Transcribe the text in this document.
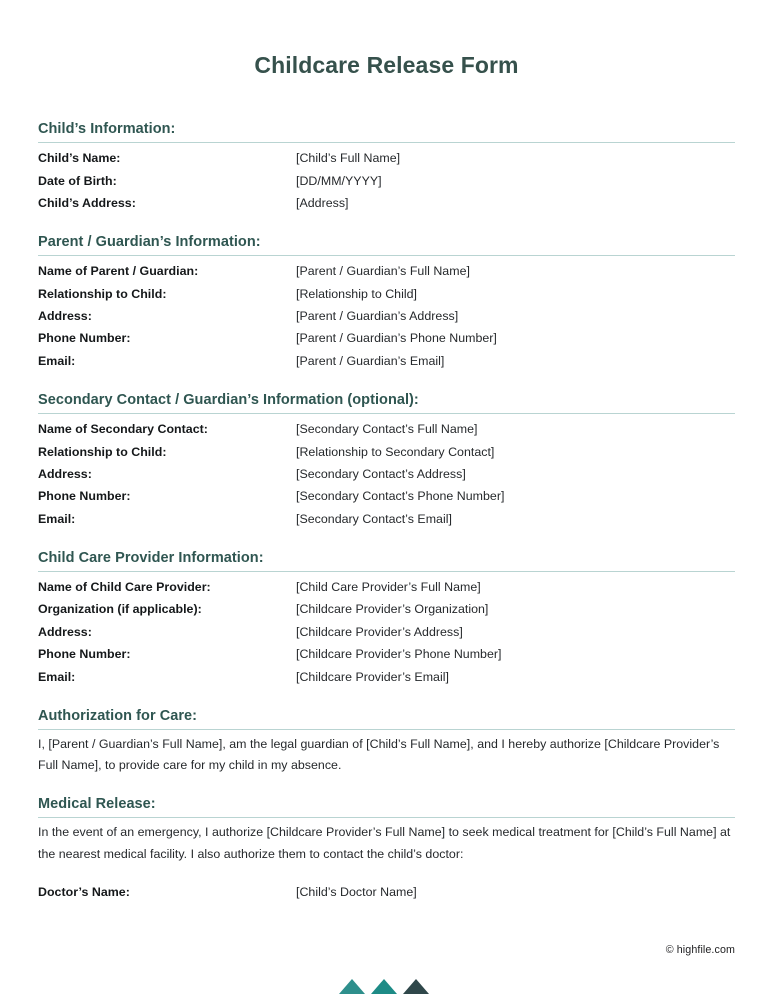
Childcare Release Form
Child’s Information:
Child’s Name:	[Child’s Full Name]
Date of Birth:	[DD/MM/YYYY]
Child’s Address:	[Address]
Parent / Guardian’s Information:
Name of Parent / Guardian:	[Parent / Guardian’s Full Name]
Relationship to Child:	[Relationship to Child]
Address:	[Parent / Guardian’s Address]
Phone Number:	[Parent / Guardian’s Phone Number]
Email:	[Parent / Guardian’s Email]
Secondary Contact / Guardian’s Information (optional):
Name of Secondary Contact:	[Secondary Contact’s Full Name]
Relationship to Child:	[Relationship to Secondary Contact]
Address:	[Secondary Contact’s Address]
Phone Number:	[Secondary Contact’s Phone Number]
Email:	[Secondary Contact’s Email]
Child Care Provider Information:
Name of Child Care Provider:	[Child Care Provider’s Full Name]
Organization (if applicable):	[Childcare Provider’s Organization]
Address:	[Childcare Provider’s Address]
Phone Number:	[Childcare Provider’s Phone Number]
Email:	[Childcare Provider’s Email]
Authorization for Care:
I, [Parent / Guardian’s Full Name], am the legal guardian of [Child’s Full Name], and I hereby authorize [Childcare Provider’s Full Name], to provide care for my child in my absence.
Medical Release:
In the event of an emergency, I authorize [Childcare Provider’s Full Name] to seek medical treatment for [Child’s Full Name] at the nearest medical facility. I also authorize them to contact the child’s doctor:
Doctor’s Name:	[Child’s Doctor Name]
© highfile.com
